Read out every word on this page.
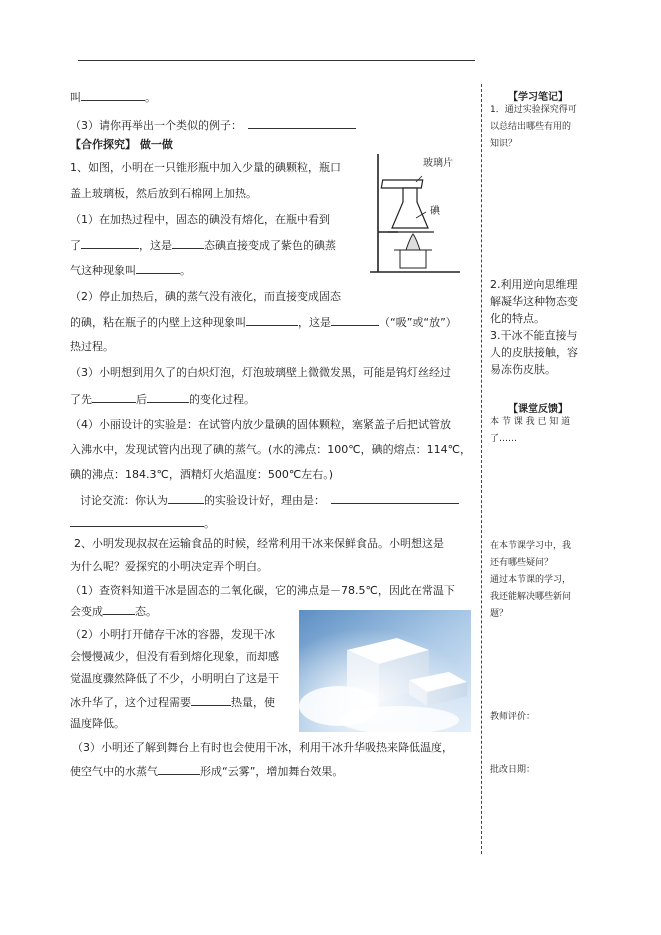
叫	。
（3）请你再举出一个类似的例子：
【合作探究】 做一做
1、如图，小明在一只锥形瓶中加入少量的碘颗粒，瓶口
盖上玻璃板，然后放到石棉网上加热。
（1）在加热过程中，固态的碘没有熔化，在瓶中看到
了	，这是	态碘直接变成了紫色的碘蒸
气这种现象叫	。
（2）停止加热后，碘的蒸气没有液化，而直接变成固态
的碘，粘在瓶子的内壁上这种现象叫	，这是	（“吸”或“放”）
热过程。
（3）小明想到用久了的白炽灯泡，灯泡玻璃壁上微微发黑，可能是钨灯丝经过
了先	后	的变化过程。
（4）小丽设计的实验是：在试管内放少量碘的固体颗粒，塞紧盖子后把试管放
入沸水中，发现试管内出现了碘的蒸气。(水的沸点：100℃，碘的熔点：114℃，
碘的沸点：184.3℃，酒精灯火焰温度：500℃左右。)
讨论交流：你认为	的实验设计好，理由是：
。
玻璃片
碘
2、小明发现叔叔在运输食品的时候，经常利用干冰来保鲜食品。小明想这是
为什么呢？爱探究的小明决定弄个明白。
（1）查资料知道干冰是固态的二氧化碳，它的沸点是－78.5℃，因此在常温下
会变成	态。
（2）小明打开储存干冰的容器，发现干冰
会慢慢减少，但没有看到熔化现象，而却感
觉温度骤然降低了不少，小明明白了这是干
冰升华了，这个过程需要	热量，使
温度降低。
（3）小明还了解到舞台上有时也会使用干冰，利用干冰升华吸热来降低温度，
使空气中的水蒸气	形成“云雾”，增加舞台效果。
【学习笔记】
1．通过实验探究得可
以总结出哪些有用的
知识？
2.利用逆向思维理
解凝华这种物态变
化的特点。
3.干冰不能直接与
人的皮肤接触，容
易冻伤皮肤。
【课堂反馈】
本 节 课 我 已 知 道
了……
在本节课学习中，我
还有哪些疑问？
通过本节课的学习，
我还能解决哪些新问
题？
教师评价：
批改日期：
